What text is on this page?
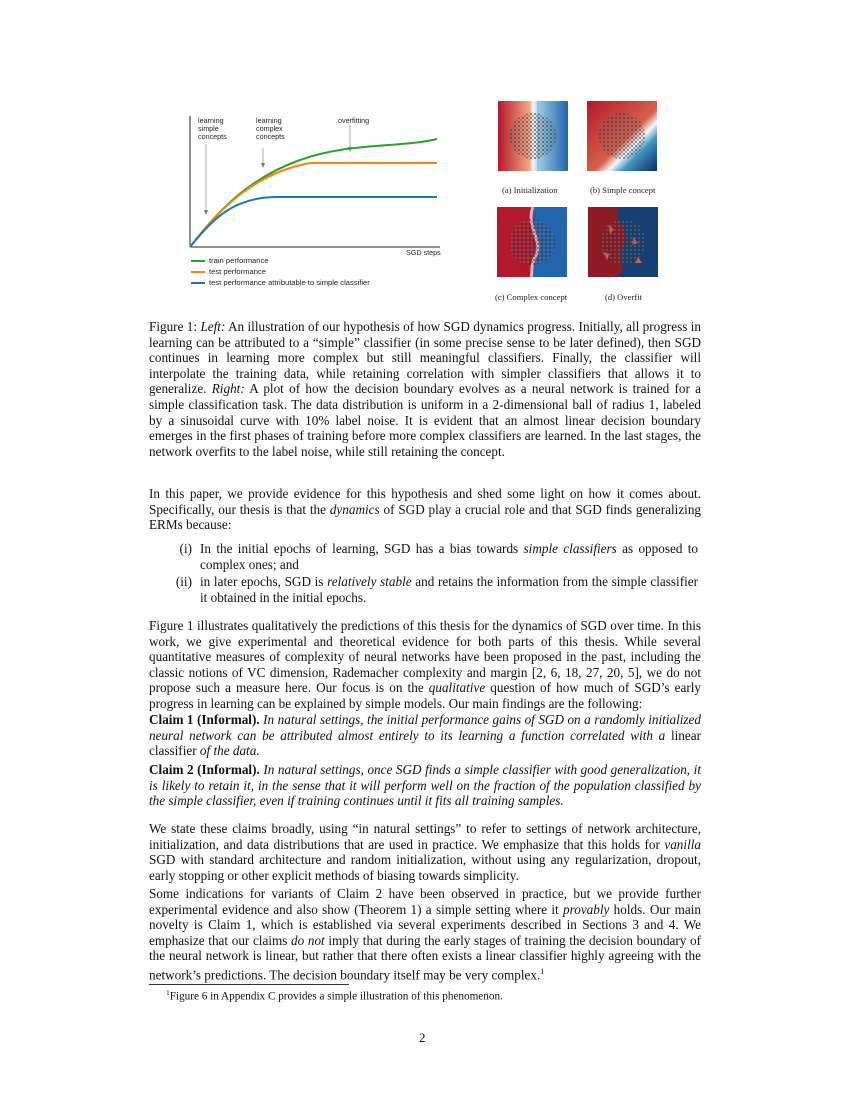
learning
simple
concepts
learning
complex
concepts
overfitting
SGD steps
train performance
test performance
test performance attributable to simple classifier
(a) Initialization	(b) Simple concept
(c) Complex concept	(d) Overfit
Figure 1: Left: An illustration of our hypothesis of how SGD dynamics progress. Initially, all progress in learning can be attributed to a “simple” classifier (in some precise sense to be later defined), then SGD continues in learning more complex but still meaningful classifiers. Finally, the classifier will interpolate the training data, while retaining correlation with simpler classifiers that allows it to generalize. Right: A plot of how the decision boundary evolves as a neural network is trained for a simple classification task. The data distribution is uniform in a 2-dimensional ball of radius 1, labeled by a sinusoidal curve with 10% label noise. It is evident that an almost linear decision boundary emerges in the first phases of training before more complex classifiers are learned. In the last stages, the network overfits to the label noise, while still retaining the concept.
In this paper, we provide evidence for this hypothesis and shed some light on how it comes about. Specifically, our thesis is that the dynamics of SGD play a crucial role and that SGD finds generalizing ERMs because:
(i) In the initial epochs of learning, SGD has a bias towards simple classifiers as opposed to complex ones; and
(ii) in later epochs, SGD is relatively stable and retains the information from the simple classifier it obtained in the initial epochs.
Figure 1 illustrates qualitatively the predictions of this thesis for the dynamics of SGD over time. In this work, we give experimental and theoretical evidence for both parts of this thesis. While several quantitative measures of complexity of neural networks have been proposed in the past, including the classic notions of VC dimension, Rademacher complexity and margin [2, 6, 18, 27, 20, 5], we do not propose such a measure here. Our focus is on the qualitative question of how much of SGD’s early progress in learning can be explained by simple models. Our main findings are the following:
Claim 1 (Informal). In natural settings, the initial performance gains of SGD on a randomly initialized neural network can be attributed almost entirely to its learning a function correlated with a linear classifier of the data.
Claim 2 (Informal). In natural settings, once SGD finds a simple classifier with good generalization, it is likely to retain it, in the sense that it will perform well on the fraction of the population classified by the simple classifier, even if training continues until it fits all training samples.
We state these claims broadly, using “in natural settings” to refer to settings of network architecture, initialization, and data distributions that are used in practice. We emphasize that this holds for vanilla SGD with standard architecture and random initialization, without using any regularization, dropout, early stopping or other explicit methods of biasing towards simplicity.
Some indications for variants of Claim 2 have been observed in practice, but we provide further experimental evidence and also show (Theorem 1) a simple setting where it provably holds. Our main novelty is Claim 1, which is established via several experiments described in Sections 3 and 4. We emphasize that our claims do not imply that during the early stages of training the decision boundary of the neural network is linear, but rather that there often exists a linear classifier highly agreeing with the network’s predictions. The decision boundary itself may be very complex.$^1$
$^1$Figure 6 in Appendix C provides a simple illustration of this phenomenon.
2
